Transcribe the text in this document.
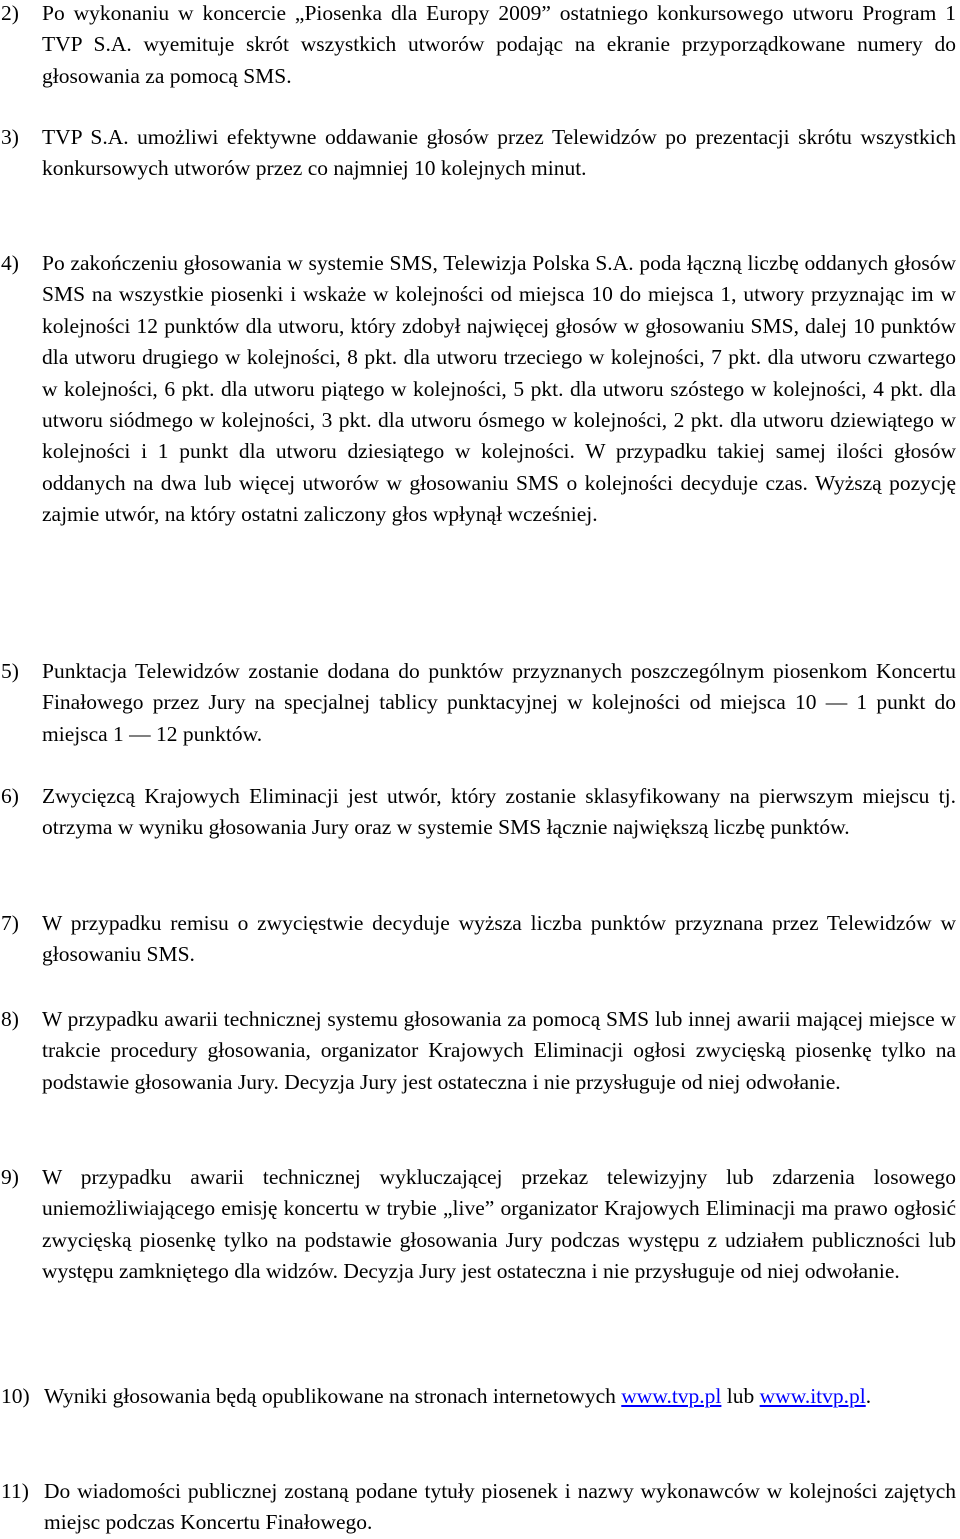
2) Po wykonaniu w koncercie „Piosenka dla Europy 2009” ostatniego konkursowego utworu Program 1 TVP S.A. wyemituje skrót wszystkich utworów podając na ekranie przyporządkowane numery do głosowania za pomocą SMS.
3) TVP S.A. umożliwi efektywne oddawanie głosów przez Telewidzów po prezentacji skrótu wszystkich konkursowych utworów przez co najmniej 10 kolejnych minut.
4) Po zakończeniu głosowania w systemie SMS, Telewizja Polska S.A. poda łączną liczbę oddanych głosów SMS na wszystkie piosenki i wskaże w kolejności od miejsca 10 do miejsca 1, utwory przyznając im w kolejności 12 punktów dla utworu, który zdobył najwięcej głosów w głosowaniu SMS, dalej 10 punktów dla utworu drugiego w kolejności, 8 pkt. dla utworu trzeciego w kolejności, 7 pkt. dla utworu czwartego w kolejności, 6 pkt. dla utworu piątego w kolejności, 5 pkt. dla utworu szóstego w kolejności, 4 pkt. dla utworu siódmego w kolejności, 3 pkt. dla utworu ósmego w kolejności, 2 pkt. dla utworu dziewiątego w kolejności i 1 punkt dla utworu dziesiątego w kolejności. W przypadku takiej samej ilości głosów oddanych na dwa lub więcej utworów w głosowaniu SMS o kolejności decyduje czas. Wyższą pozycję zajmie utwór, na który ostatni zaliczony głos wpłynął wcześniej.
5) Punktacja Telewidzów zostanie dodana do punktów przyznanych poszczególnym piosenkom Koncertu Finałowego przez Jury na specjalnej tablicy punktacyjnej w kolejności od miejsca 10 — 1 punkt do miejsca 1 — 12 punktów.
6) Zwycięzcą Krajowych Eliminacji jest utwór, który zostanie sklasyfikowany na pierwszym miejscu tj. otrzyma w wyniku głosowania Jury oraz w systemie SMS łącznie największą liczbę punktów.
7) W przypadku remisu o zwycięstwie decyduje wyższa liczba punktów przyznana przez Telewidzów w głosowaniu SMS.
8) W przypadku awarii technicznej systemu głosowania za pomocą SMS lub innej awarii mającej miejsce w trakcie procedury głosowania, organizator Krajowych Eliminacji ogłosi zwycięską piosenkę tylko na podstawie głosowania Jury. Decyzja Jury jest ostateczna i nie przysługuje od niej odwołanie.
9) W przypadku awarii technicznej wykluczającej przekaz telewizyjny lub zdarzenia losowego uniemożliwiającego emisję koncertu w trybie „live” organizator Krajowych Eliminacji ma prawo ogłosić zwycięską piosenkę tylko na podstawie głosowania Jury podczas występu z udziałem publiczności lub występu zamkniętego dla widzów. Decyzja Jury jest ostateczna i nie przysługuje od niej odwołanie.
10) Wyniki głosowania będą opublikowane na stronach internetowych www.tvp.pl lub www.itvp.pl.
11) Do wiadomości publicznej zostaną podane tytuły piosenek i nazwy wykonawców w kolejności zajętych miejsc podczas Koncertu Finałowego.
